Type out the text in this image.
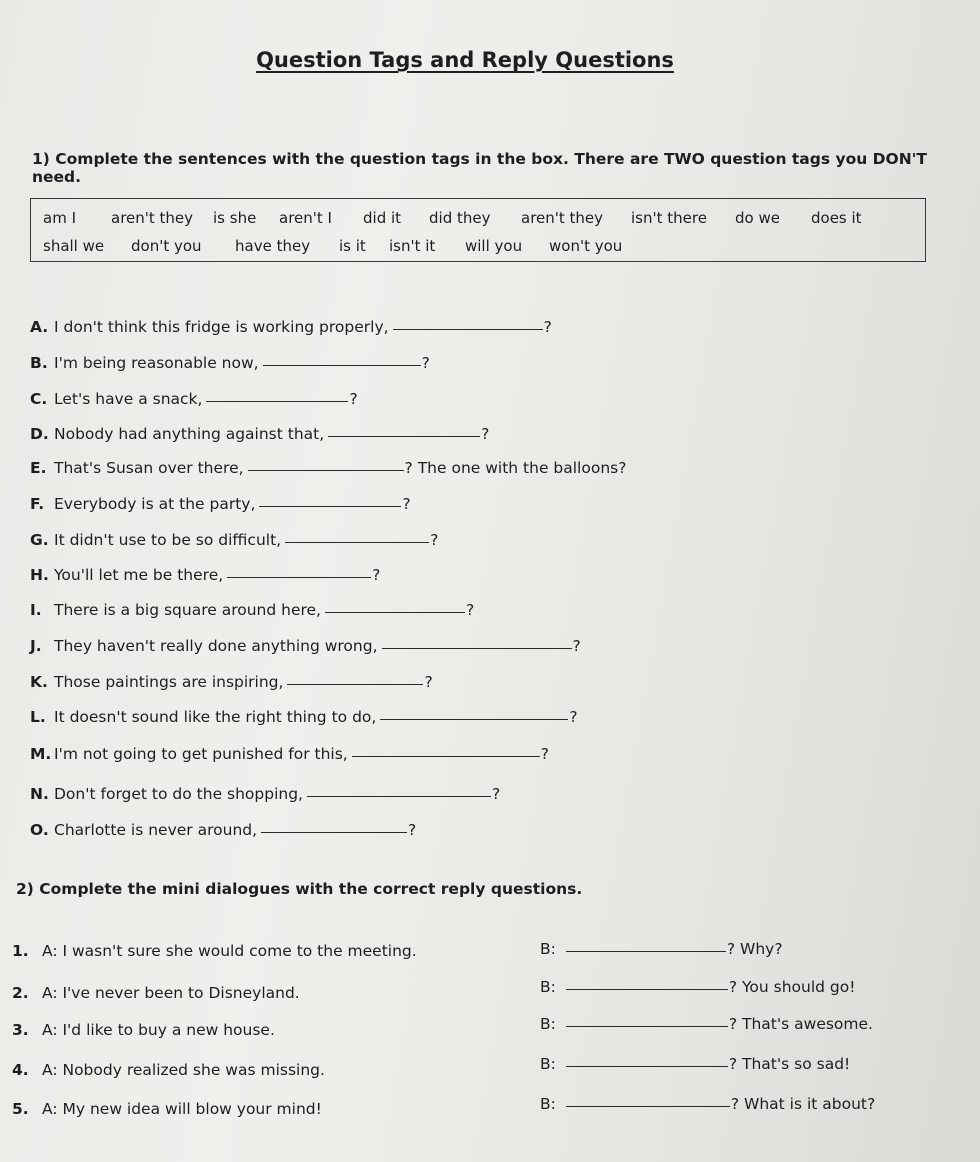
Question Tags and Reply Questions
1) Complete the sentences with the question tags in the box. There are TWO question tags you DON'T need.
am I aren't they is she aren't I did it did they aren't they isn't there do we does it
shall we don't you have they is it isn't it will you won't you
A. I don't think this fridge is working properly,	?
B. I'm being reasonable now,	?
C. Let's have a snack,	?
D. Nobody had anything against that,	?
E. That's Susan over there,	? The one with the balloons?
F. Everybody is at the party,	?
G. It didn't use to be so difficult,	?
H. You'll let me be there,	?
I. There is a big square around here,	?
J. They haven't really done anything wrong,	?
K. Those paintings are inspiring,	?
L. It doesn't sound like the right thing to do,	?
M. I'm not going to get punished for this,	?
N. Don't forget to do the shopping,	?
O. Charlotte is never around,	?
2) Complete the mini dialogues with the correct reply questions.
1. A: I wasn't sure she would come to the meeting.	B:	? Why?
2. A: I've never been to Disneyland.	B:	? You should go!
3. A: I'd like to buy a new house.	B:	? That's awesome.
4. A: Nobody realized she was missing.	B:	? That's so sad!
5. A: My new idea will blow your mind!	B:	? What is it about?
